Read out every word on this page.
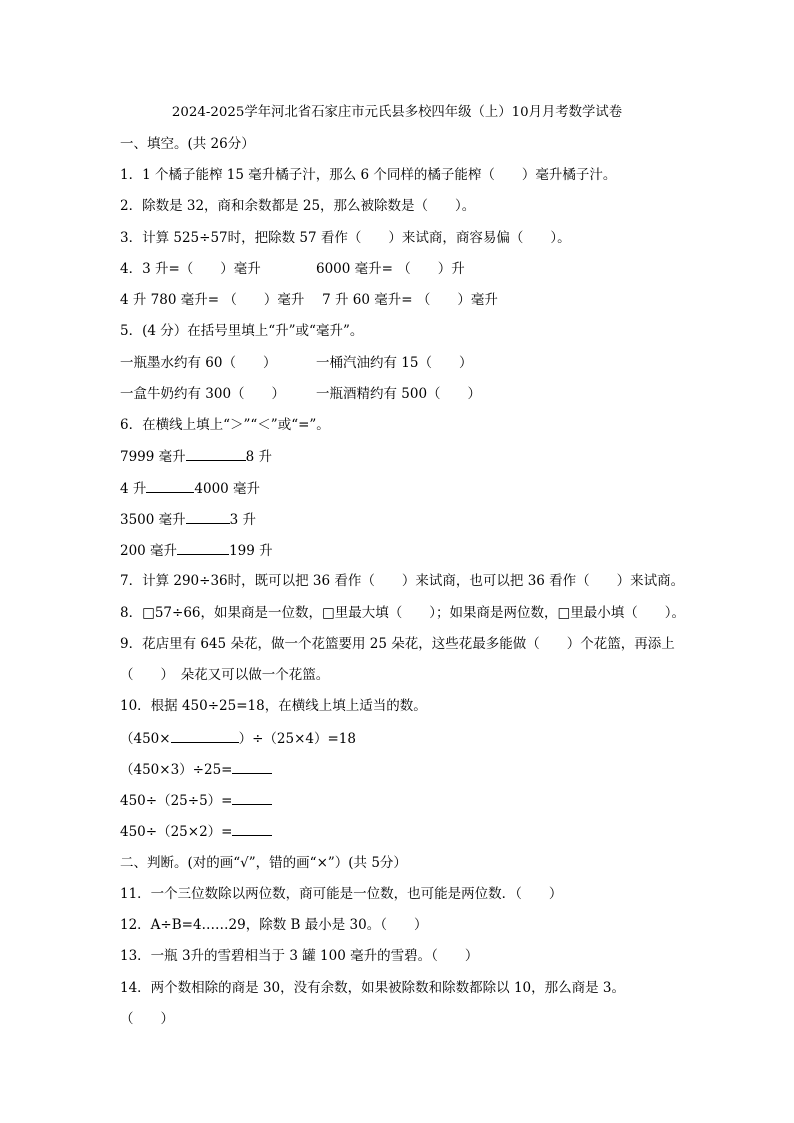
2024-2025学年河北省石家庄市元氏县多校四年级（上）10月月考数学试卷
一、填空。(共 26分）
1．1 个橘子能榨 15 毫升橘子汁，那么 6 个同样的橘子能榨（　　）毫升橘子汁。
2．除数是 32，商和余数都是 25，那么被除数是（　　）。
3．计算 525÷57时，把除数 57 看作（　　）来试商，商容易偏（　　）。
4．3 升=（　　）毫升	6000 毫升= （　　）升
4 升 780 毫升= （　　）毫升　 7 升 60 毫升= （　　）毫升
5．(4 分）在括号里填上“升”或“毫升”。
一瓶墨水约有 60（　　）	一桶汽油约有 15（　　）
一盒牛奶约有 300（　　） 一瓶酒精约有 500（　　）
6．在横线上填上“＞”“＜”或“=”。
7999 毫升	8 升
4 升	4000 毫升
3500 毫升	3 升
200 毫升	199 升
7．计算 290÷36时，既可以把 36 看作（　　）来试商，也可以把 36 看作（　　）来试商。
8．□57÷66，如果商是一位数，□里最大填（　　）；如果商是两位数，□里最小填（　　）。
9．花店里有 645 朵花，做一个花篮要用 25 朵花，这些花最多能做（　　）个花篮，再添上
（　　）　朵花又可以做一个花篮。
10．根据 450÷25=18，在横线上填上适当的数。
（450×	）÷（25×4）=18
（450×3）÷25=
450÷（25÷5）=
450÷（25×2）=
二、判断。(对的画“√”，错的画“×”）(共 5分）
11．一个三位数除以两位数，商可能是一位数，也可能是两位数．（　　）
12．A÷B=4……29，除数 B 最小是 30。（　　）
13．一瓶 3升的雪碧相当于 3 罐 100 毫升的雪碧。（　　）
14．两个数相除的商是 30，没有余数，如果被除数和除数都除以 10，那么商是 3。
（　　）
